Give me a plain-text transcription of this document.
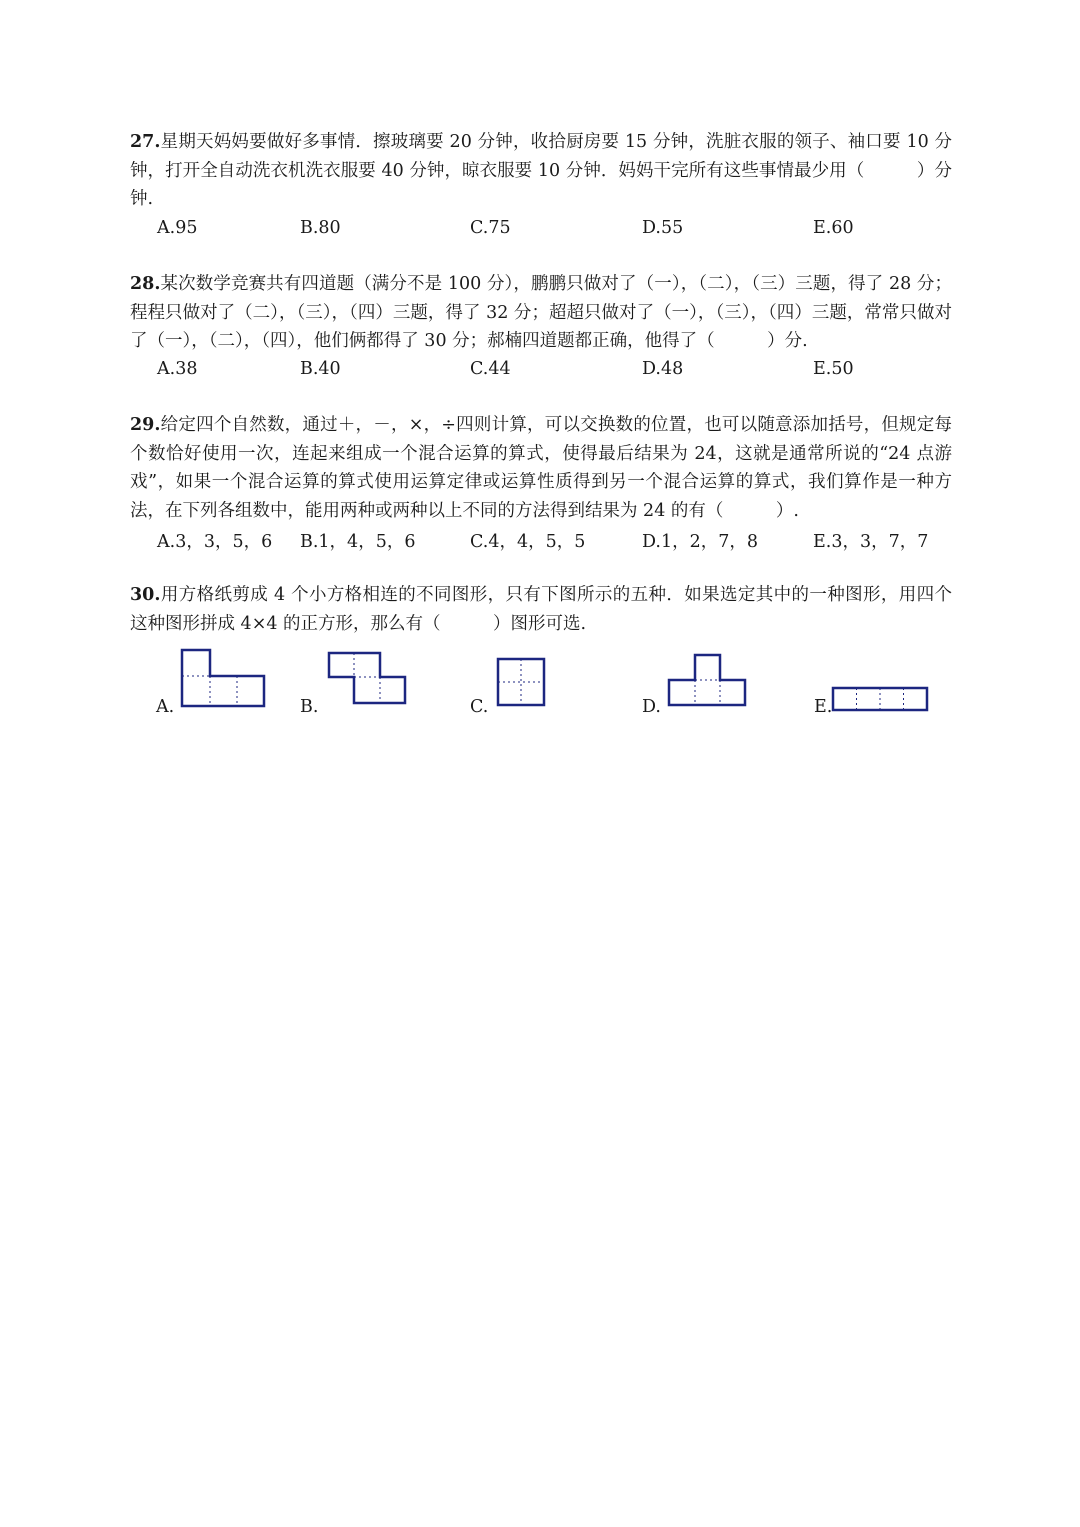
27.星期天妈妈要做好多事情．擦玻璃要 20 分钟，收拾厨房要 15 分钟，洗脏衣服的领子、袖口要 10 分钟，打开全自动洗衣机洗衣服要 40 分钟，晾衣服要 10 分钟．妈妈干完所有这些事情最少用（　　　）分钟.
A.95	B.80	C.75	D.55	E.60
28.某次数学竞赛共有四道题（满分不是 100 分），鹏鹏只做对了（一），（二），（三）三题，得了 28 分；程程只做对了（二），（三），（四）三题，得了 32 分；超超只做对了（一），（三），（四）三题，常常只做对了（一），（二），（四），他们俩都得了 30 分；郝楠四道题都正确，他得了（　　　）分.
A.38	B.40	C.44	D.48	E.50
29.给定四个自然数，通过＋，－，×，÷四则计算，可以交换数的位置，也可以随意添加括号，但规定每个数恰好使用一次，连起来组成一个混合运算的算式，使得最后结果为 24，这就是通常所说的“24 点游戏”，如果一个混合运算的算式使用运算定律或运算性质得到另一个混合运算的算式，我们算作是一种方法，在下列各组数中，能用两种或两种以上不同的方法得到结果为 24 的有（　　　）.
A.3，3，5，6 B.1，4，5，6	C.4，4，5，5	D.1，2，7，8	E.3，3，7，7
30.用方格纸剪成 4 个小方格相连的不同图形，只有下图所示的五种．如果选定其中的一种图形，用四个这种图形拼成 4×4 的正方形，那么有（　　　）图形可选.
A.	B.	C.	D.	E.
